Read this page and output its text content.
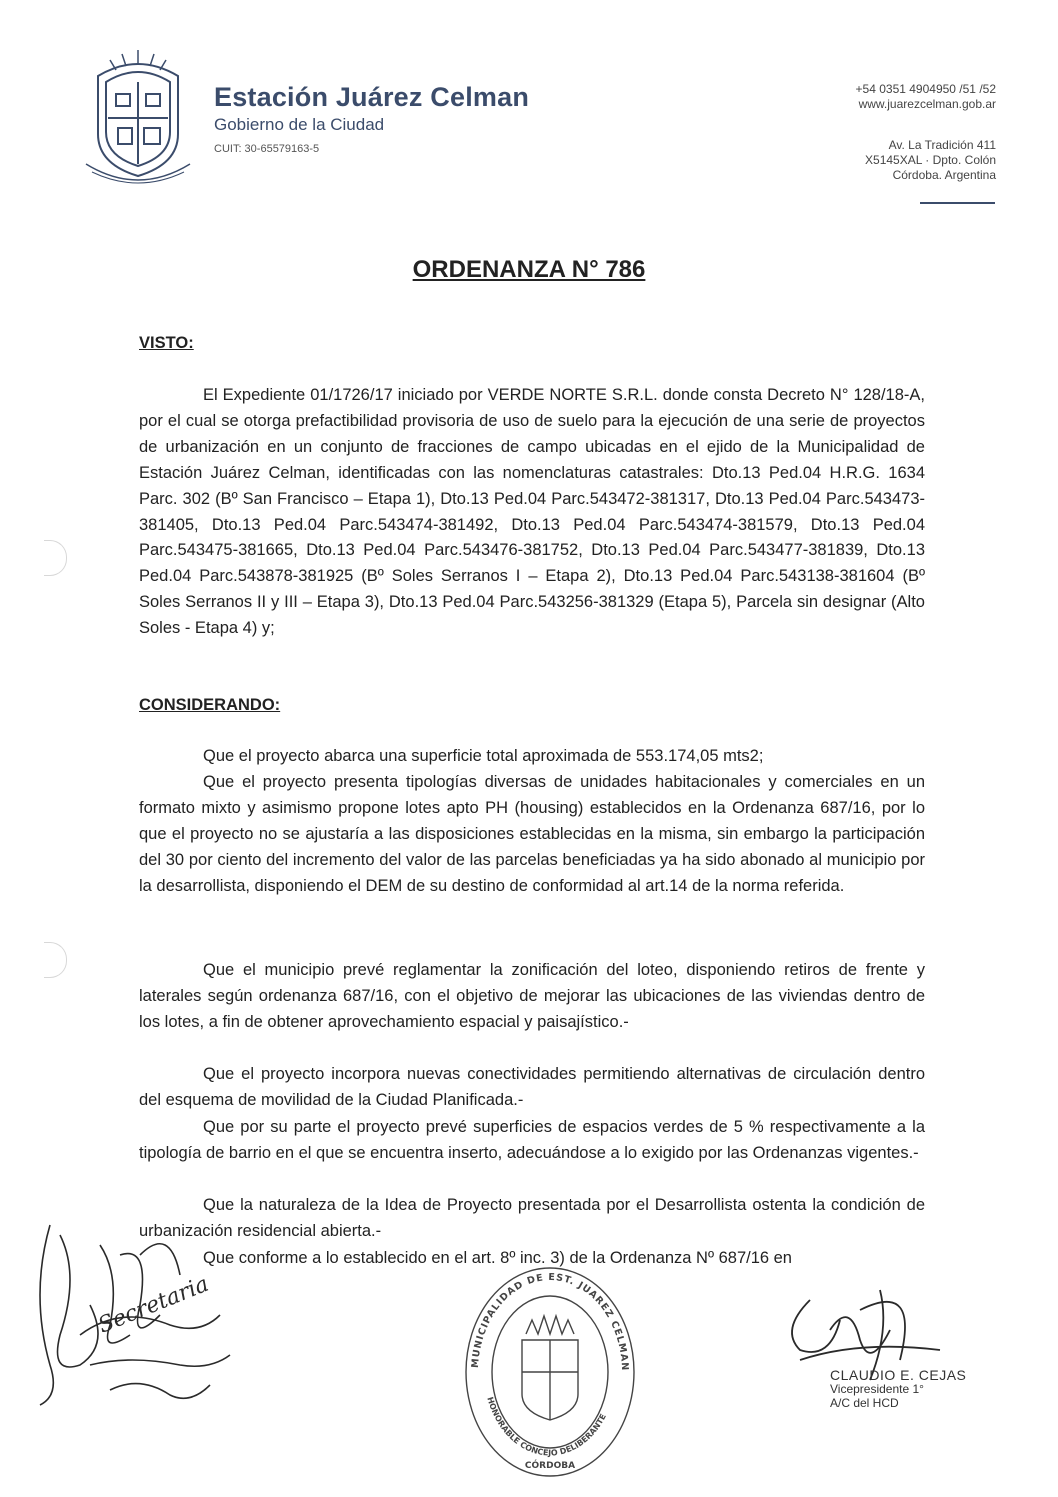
Estación Juárez Celman
Gobierno de la Ciudad
CUIT: 30-65579163-5
+54 0351 4904950 /51 /52
www.juarezcelman.gob.ar
Av. La Tradición 411
X5145XAL · Dpto. Colón
Córdoba. Argentina
ORDENANZA N° 786
VISTO:
El Expediente 01/1726/17 iniciado por VERDE NORTE S.R.L. donde consta Decreto N° 128/18-A, por el cual se otorga prefactibilidad provisoria de uso de suelo para la ejecución de una serie de proyectos de urbanización en un conjunto de fracciones de campo ubicadas en el ejido de la Municipalidad de Estación Juárez Celman, identificadas con las nomenclaturas catastrales: Dto.13 Ped.04 H.R.G. 1634 Parc. 302 (Bº San Francisco – Etapa 1), Dto.13 Ped.04 Parc.543472-381317, Dto.13 Ped.04 Parc.543473-381405, Dto.13 Ped.04 Parc.543474-381492, Dto.13 Ped.04 Parc.543474-381579, Dto.13 Ped.04 Parc.543475-381665, Dto.13 Ped.04 Parc.543476-381752, Dto.13 Ped.04 Parc.543477-381839, Dto.13 Ped.04 Parc.543878-381925 (Bº Soles Serranos I – Etapa 2), Dto.13 Ped.04 Parc.543138-381604 (Bº Soles Serranos II y III – Etapa 3), Dto.13 Ped.04 Parc.543256-381329 (Etapa 5), Parcela sin designar (Alto Soles - Etapa 4) y;
CONSIDERANDO:
Que el proyecto abarca una superficie total aproximada de 553.174,05 mts2;
Que el proyecto presenta tipologías diversas de unidades habitacionales y comerciales en un formato mixto y asimismo propone lotes apto PH (housing) establecidos en la Ordenanza 687/16, por lo que el proyecto no se ajustaría a las disposiciones establecidas en la misma, sin embargo la participación del 30 por ciento del incremento del valor de las parcelas beneficiadas ya ha sido abonado al municipio por la desarrollista, disponiendo el DEM de su destino de conformidad al art.14 de la norma referida.
Que el municipio prevé reglamentar la zonificación del loteo, disponiendo retiros de frente y laterales según ordenanza 687/16, con el objetivo de mejorar las ubicaciones de las viviendas dentro de los lotes, a fin de obtener aprovechamiento espacial y paisajístico.-
Que el proyecto incorpora nuevas conectividades permitiendo alternativas de circulación dentro del esquema de movilidad de la Ciudad Planificada.-
Que por su parte el proyecto prevé superficies de espacios verdes de 5 % respectivamente a la tipología de barrio en el que se encuentra inserto, adecuándose a lo exigido por las Ordenanzas vigentes.-
Que la naturaleza de la Idea de Proyecto presentada por el Desarrollista ostenta la condición de urbanización residencial abierta.-
Que conforme a lo establecido en el art. 8º inc. 3) de la Ordenanza Nº 687/16 en
Secretaria
MUNICIPALIDAD DE EST. JUAREZ CELMAN
HONORABLE CONCEJO DELIBERANTE
CÓRDOBA
CLAUDIO E. CEJAS
Vicepresidente 1°
A/C del HCD
